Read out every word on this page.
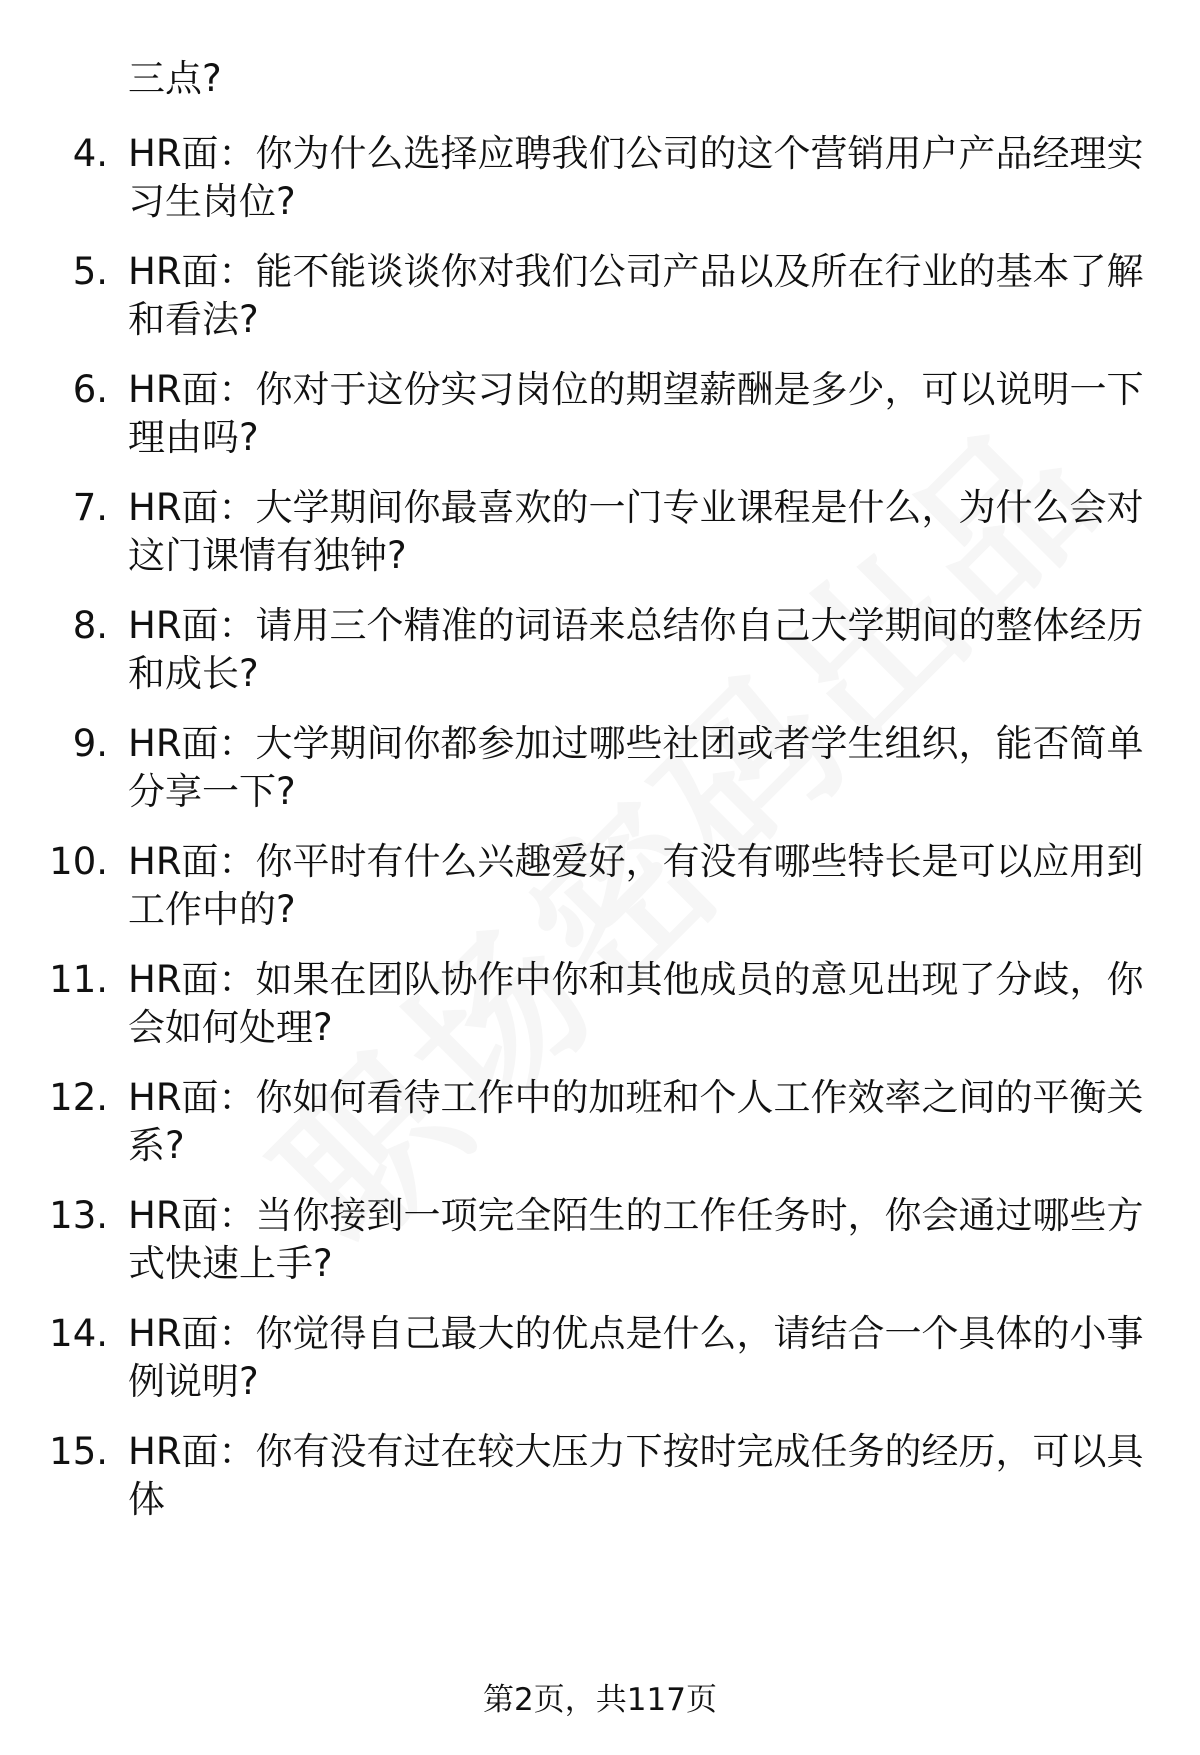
三点?
4. HR面：你为什么选择应聘我们公司的这个营销用户产品经理实习生岗位?
5. HR面：能不能谈谈你对我们公司产品以及所在行业的基本了解和看法?
6. HR面：你对于这份实习岗位的期望薪酬是多少，可以说明一下理由吗?
7. HR面：大学期间你最喜欢的一门专业课程是什么，为什么会对这门课情有独钟?
8. HR面：请用三个精准的词语来总结你自己大学期间的整体经历和成长?
9. HR面：大学期间你都参加过哪些社团或者学生组织，能否简单分享一下?
10. HR面：你平时有什么兴趣爱好，有没有哪些特长是可以应用到工作中的?
11. HR面：如果在团队协作中你和其他成员的意见出现了分歧，你会如何处理?
12. HR面：你如何看待工作中的加班和个人工作效率之间的平衡关系?
13. HR面：当你接到一项完全陌生的工作任务时，你会通过哪些方式快速上手?
14. HR面：你觉得自己最大的优点是什么，请结合一个具体的小事例说明?
15. HR面：你有没有过在较大压力下按时完成任务的经历，可以具体
第2页，共117页
